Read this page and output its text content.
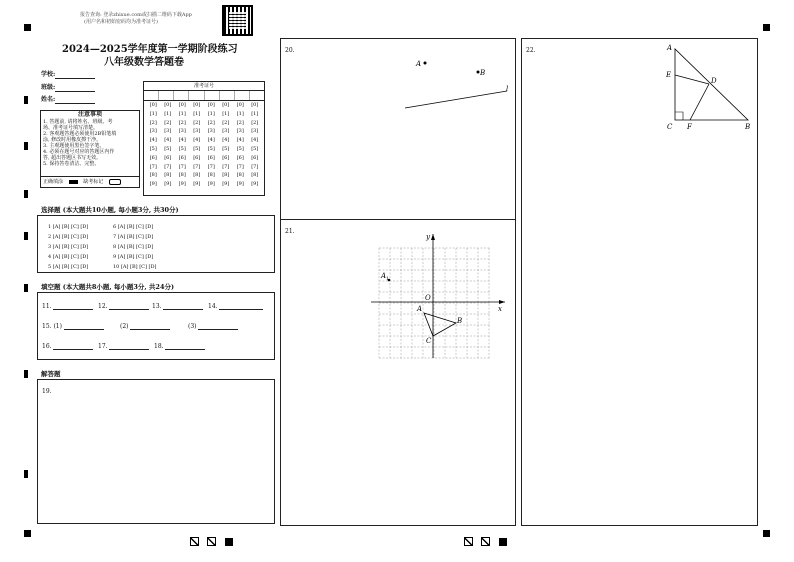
报告查询: 登录zhixue.com或扫描二维码下载App
(用户名和初始密码均为准考证号)
2024—2025学年度第一学期阶段练习
八年级数学答题卷
学校:
班级:
姓名:
准考证号
[0] [0] [0] [0] [0] [0] [0] [0]
[1] [1] [1] [1] [1] [1] [1] [1]
[2] [2] [2] [2] [2] [2] [2] [2]
[3] [3] [3] [3] [3] [3] [3] [3]
[4] [4] [4] [4] [4] [4] [4] [4]
[5] [5] [5] [5] [5] [5] [5] [5]
[6] [6] [6] [6] [6] [6] [6] [6]
[7] [7] [7] [7] [7] [7] [7] [7]
[8] [8] [8] [8] [8] [8] [8] [8]
[9] [9] [9] [9] [9] [9] [9] [9]
注意事项
1. 答题前, 请将姓名、班级、考
场、准考证号填写清楚。
2. 客观题答题必须使用2B铅笔填
涂, 修改时用橡皮擦干净。
3. 主观题使用黑色签字笔。
4. 必须在题号对应的答题区内作
答, 超出答题区书写无效。
5. 保持答卷清洁、完整。
正确填涂	缺考标记
选择题 (本大题共10小题, 每小题3分, 共30分)
1 [A] [B] [C] [D]
2 [A] [B] [C] [D]
3 [A] [B] [C] [D]
4 [A] [B] [C] [D]
5 [A] [B] [C] [D]
6 [A] [B] [C] [D]
7 [A] [B] [C] [D]
8 [A] [B] [C] [D]
9 [A] [B] [C] [D]
10 [A] [B] [C] [D]
填空题 (本大题共8小题, 每小题3分, 共24分)
11.	12.	13.	14.
15. (1)	(2)	(3)
16.	17.	18.
解答题
19.
20.
A
B
l
21.
x
y
O
A 1
A
B
C
22.	A
E
D
C F	B
